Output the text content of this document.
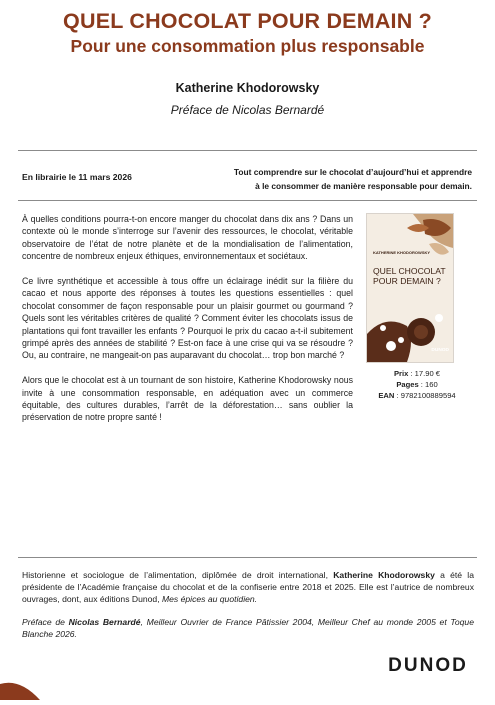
QUEL CHOCOLAT POUR DEMAIN ?
Pour une consommation plus responsable
Katherine Khodorowsky
Préface de Nicolas Bernardé
En librairie le 11 mars 2026	Tout comprendre sur le chocolat d’aujourd’hui et apprendre
à le consommer de manière responsable pour demain.

À quelles conditions pourra-t-on encore manger du chocolat dans dix ans ? Dans un contexte où le monde s’interroge sur l’avenir des ressources, le chocolat, véritable observatoire de l’état de notre planète et de la mondialisation de l’alimentation, concentre de nombreux enjeux éthiques, environnementaux et sociétaux.

Ce livre synthétique et accessible à tous offre un éclairage inédit sur la filière du cacao et nous apporte des réponses à toutes les questions essentielles : quel chocolat consommer de façon responsable pour un plaisir gourmet ou gourmand ? Quels sont les véritables critères de qualité ? Comment éviter les chocolats issus de plantations qui font travailler les enfants ? Pourquoi le prix du cacao a-t-il subitement grimpé après des années de stabilité ? Est-on face à une crise qui va se résoudre ? Ou, au contraire, ne mangeait-on pas auparavant du chocolat… trop bon marché ?

Alors que le chocolat est à un tournant de son histoire, Katherine Khodorowsky nous invite à une consommation responsable, en adéquation avec un commerce équitable, des cultures durables, l’arrêt de la déforestation… sans oublier la préservation de notre propre santé !

KATHERINE KHODOROWSKY
QUEL CHOCOLAT
POUR DEMAIN ?
DUNOD
Prix : 17.90 €
Pages : 160
EAN : 9782100889594

Historienne et sociologue de l’alimentation, diplômée de droit international, Katherine Khodorowsky a été la présidente de l’Académie française du chocolat et de la confiserie entre 2018 et 2025. Elle est l’autrice de nombreux ouvrages, dont, aux éditions Dunod, Mes épices au quotidien.

Préface de Nicolas Bernardé, Meilleur Ouvrier de France Pâtissier 2004, Meilleur Chef au monde 2005 et Toque Blanche 2026.

DUNOD
